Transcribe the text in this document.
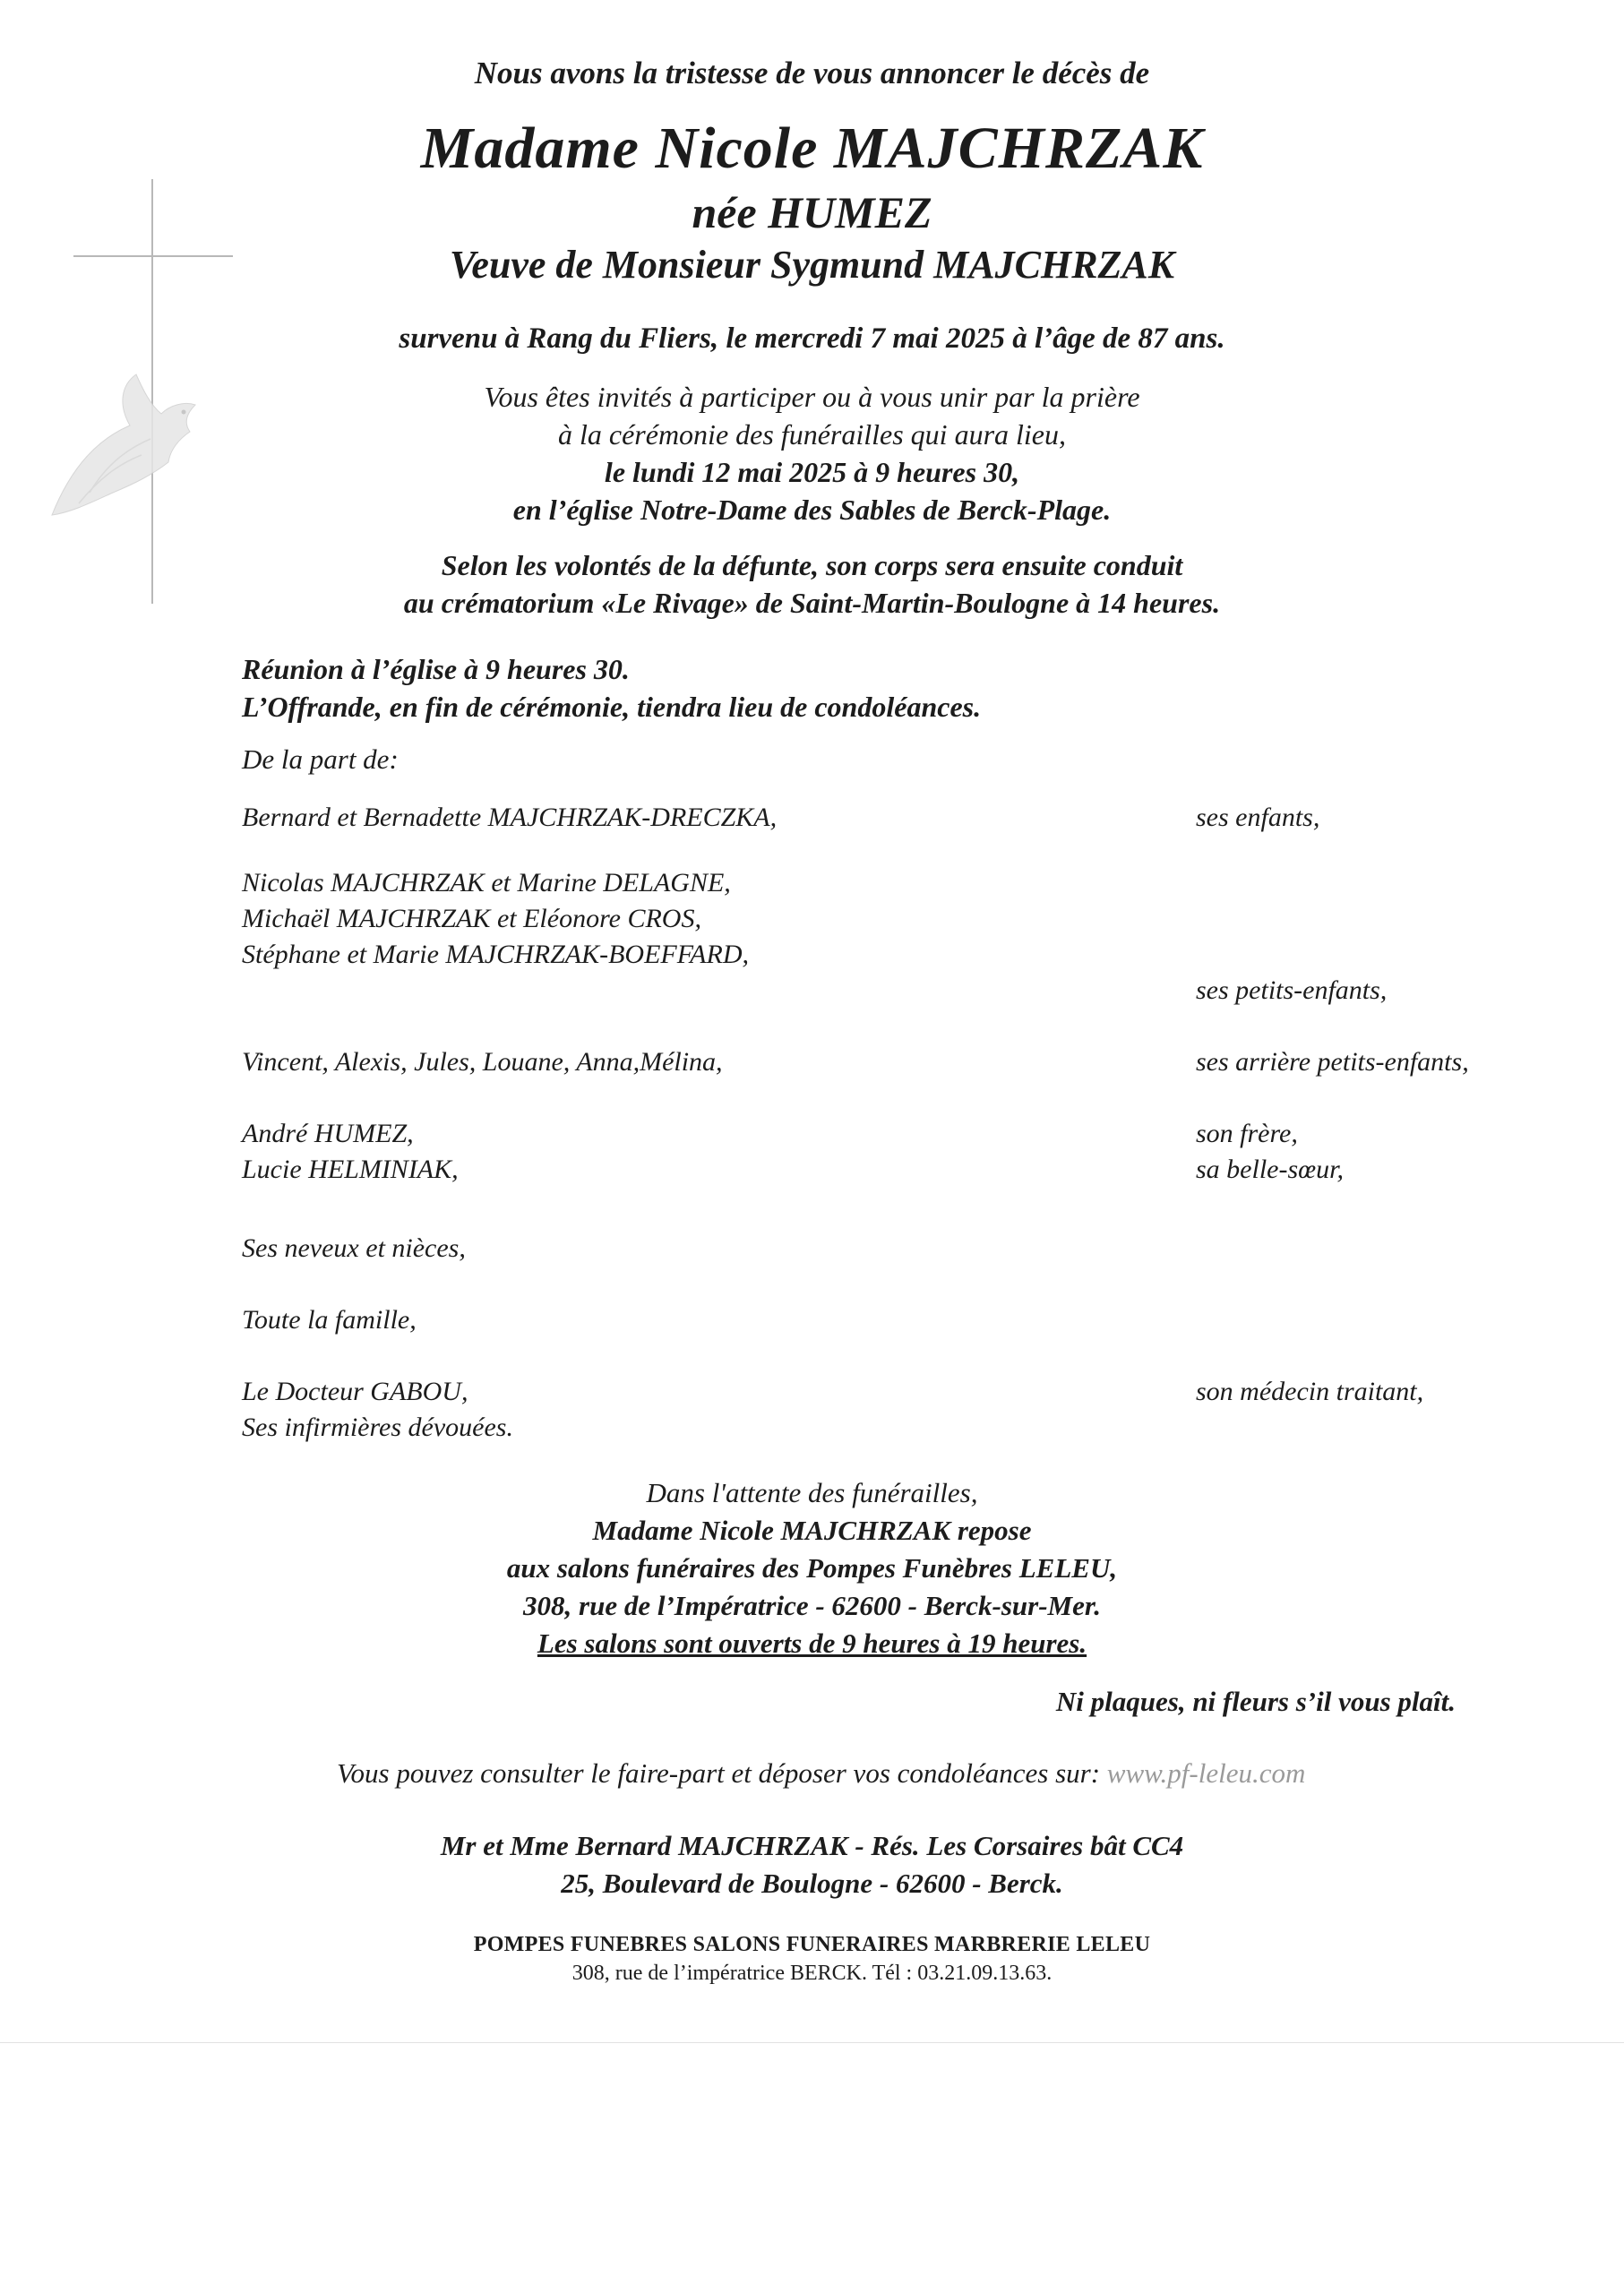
Nous avons la tristesse de vous annoncer le décès de
Madame Nicole MAJCHRZAK
née HUMEZ
Veuve de Monsieur Sygmund MAJCHRZAK
survenu à Rang du Fliers, le mercredi 7 mai 2025 à l’âge de 87 ans.
Vous êtes invités à participer ou à vous unir par la prière
à la cérémonie des funérailles qui aura lieu,
le lundi 12 mai 2025 à 9 heures 30,
en l’église Notre-Dame des Sables de Berck-Plage.
Selon les volontés de la défunte, son corps sera ensuite conduit
au crématorium «Le Rivage» de Saint-Martin-Boulogne à 14 heures.
Réunion à l’église à 9 heures 30.
L’Offrande, en fin de cérémonie, tiendra lieu de condoléances.
De la part de:
Bernard et Bernadette MAJCHRZAK-DRECZKA,	ses enfants,
Nicolas MAJCHRZAK et Marine DELAGNE,
Michaël MAJCHRZAK et Eléonore CROS,
Stéphane et Marie MAJCHRZAK-BOEFFARD,
ses petits-enfants,
Vincent, Alexis, Jules, Louane, Anna,Mélina,	ses arrière petits-enfants,
André HUMEZ,
Lucie HELMINIAK,
son frère,
sa belle-sœur,
Ses neveux et nièces,
Toute la famille,
Le Docteur GABOU,
Ses infirmières dévouées.
son médecin traitant,
Dans l'attente des funérailles,
Madame Nicole MAJCHRZAK repose
aux salons funéraires des Pompes Funèbres LELEU,
308, rue de l’Impératrice - 62600 - Berck-sur-Mer.
Les salons sont ouverts de 9 heures à 19 heures.
Ni plaques, ni fleurs s’il vous plaît.
Vous pouvez consulter le faire-part et déposer vos condoléances sur: www.pf-leleu.com
Mr et Mme Bernard MAJCHRZAK - Rés. Les Corsaires bât CC4
25, Boulevard de Boulogne - 62600 - Berck.
POMPES FUNEBRES SALONS FUNERAIRES MARBRERIE LELEU
308, rue de l’impératrice BERCK. Tél : 03.21.09.13.63.
